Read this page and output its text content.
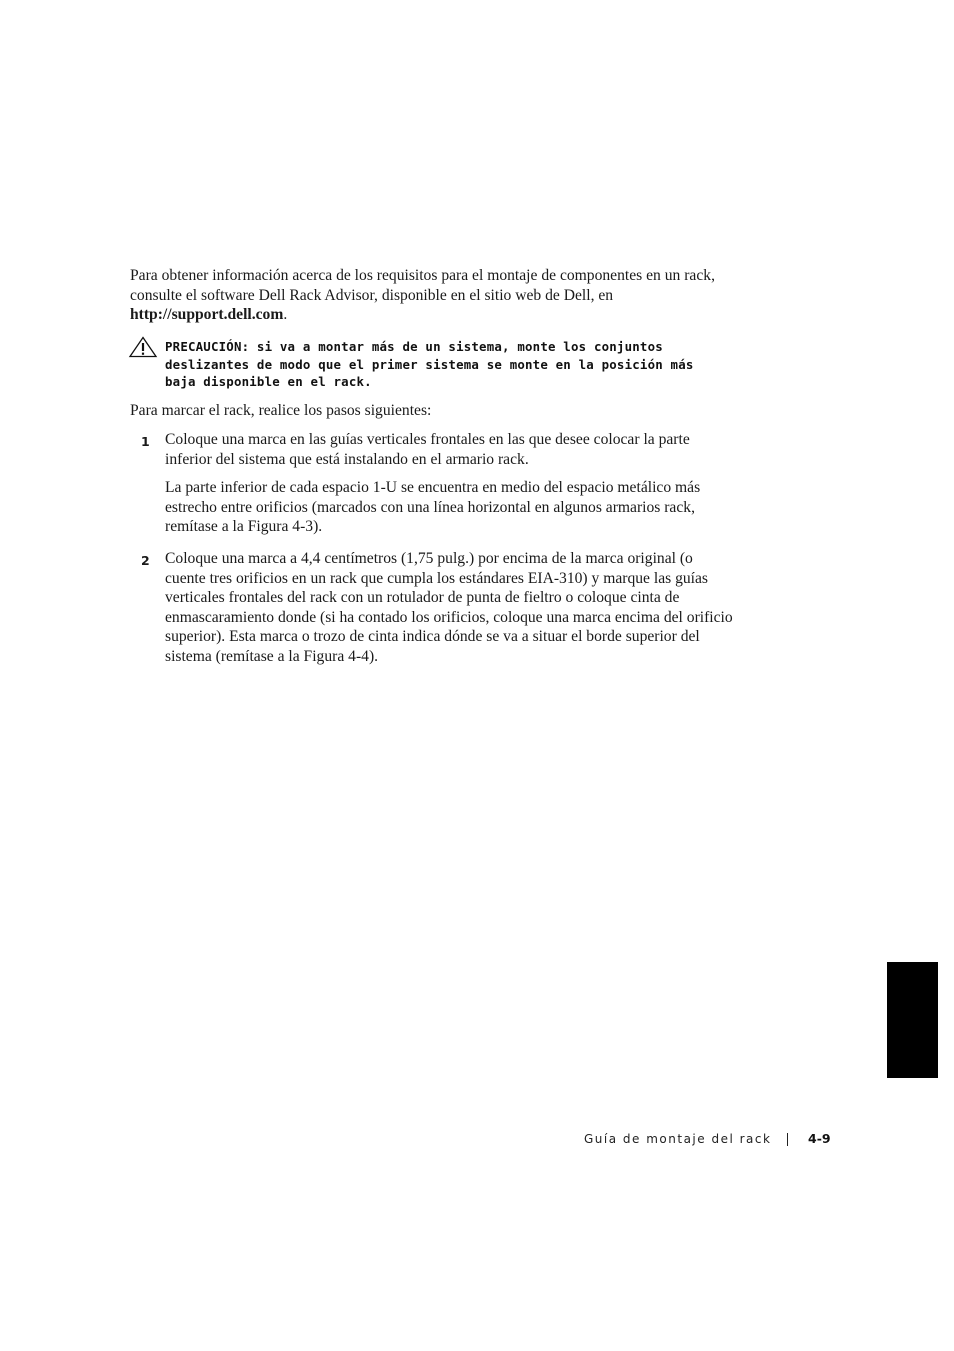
Para obtener información acerca de los requisitos para el montaje de componentes en un rack, consulte el software Dell Rack Advisor, disponible en el sitio web de Dell, en http://support.dell.com.

PRECAUCIÓN: si va a montar más de un sistema, monte los conjuntos deslizantes de modo que el primer sistema se monte en la posición más baja disponible en el rack.

Para marcar el rack, realice los pasos siguientes:

1 Coloque una marca en las guías verticales frontales en las que desee colocar la parte inferior del sistema que está instalando en el armario rack.

La parte inferior de cada espacio 1-U se encuentra en medio del espacio metálico más estrecho entre orificios (marcados con una línea horizontal en algunos armarios rack, remítase a la Figura 4-3).

2 Coloque una marca a 4,4 centímetros (1,75 pulg.) por encima de la marca original (o cuente tres orificios en un rack que cumpla los estándares EIA-310) y marque las guías verticales frontales del rack con un rotulador de punta de fieltro o coloque cinta de enmascaramiento donde (si ha contado los orificios, coloque una marca encima del orificio superior). Esta marca o trozo de cinta indica dónde se va a situar el borde superior del sistema (remítase a la Figura 4-4).

Guía de montaje del rack	4-9
